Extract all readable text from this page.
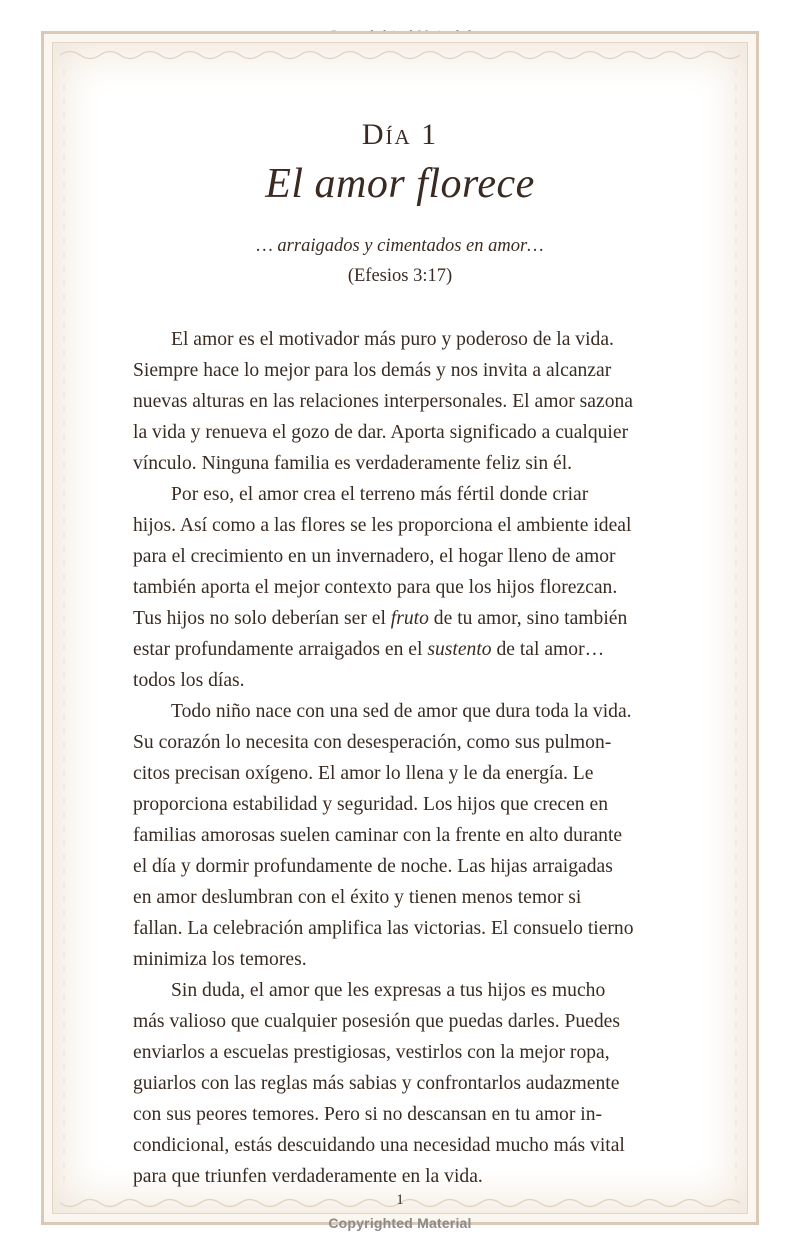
Día 1
El amor florece
… arraigados y cimentados en amor…
(Efesios 3:17)

El amor es el motivador más puro y poderoso de la vida.
Siempre hace lo mejor para los demás y nos invita a alcanzar
nuevas alturas en las relaciones interpersonales. El amor sazona
la vida y renueva el gozo de dar. Aporta significado a cualquier
vínculo. Ninguna familia es verdaderamente feliz sin él.

Por eso, el amor crea el terreno más fértil donde criar
hijos. Así como a las flores se les proporciona el ambiente ideal
para el crecimiento en un invernadero, el hogar lleno de amor
también aporta el mejor contexto para que los hijos florezcan.
Tus hijos no solo deberían ser el fruto de tu amor, sino también
estar profundamente arraigados en el sustento de tal amor…
todos los días.

Todo niño nace con una sed de amor que dura toda la vida.
Su corazón lo necesita con desesperación, como sus pulmon-
citos precisan oxígeno. El amor lo llena y le da energía. Le
proporciona estabilidad y seguridad. Los hijos que crecen en
familias amorosas suelen caminar con la frente en alto durante
el día y dormir profundamente de noche. Las hijas arraigadas
en amor deslumbran con el éxito y tienen menos temor si
fallan. La celebración amplifica las victorias. El consuelo tierno
minimiza los temores.

Sin duda, el amor que les expresas a tus hijos es mucho
más valioso que cualquier posesión que puedas darles. Puedes
enviarlos a escuelas prestigiosas, vestirlos con la mejor ropa,
guiarlos con las reglas más sabias y confrontarlos audazmente
con sus peores temores. Pero si no descansan en tu amor in-
condicional, estás descuidando una necesidad mucho más vital
para que triunfen verdaderamente en la vida.

1
Copyrighted Material
